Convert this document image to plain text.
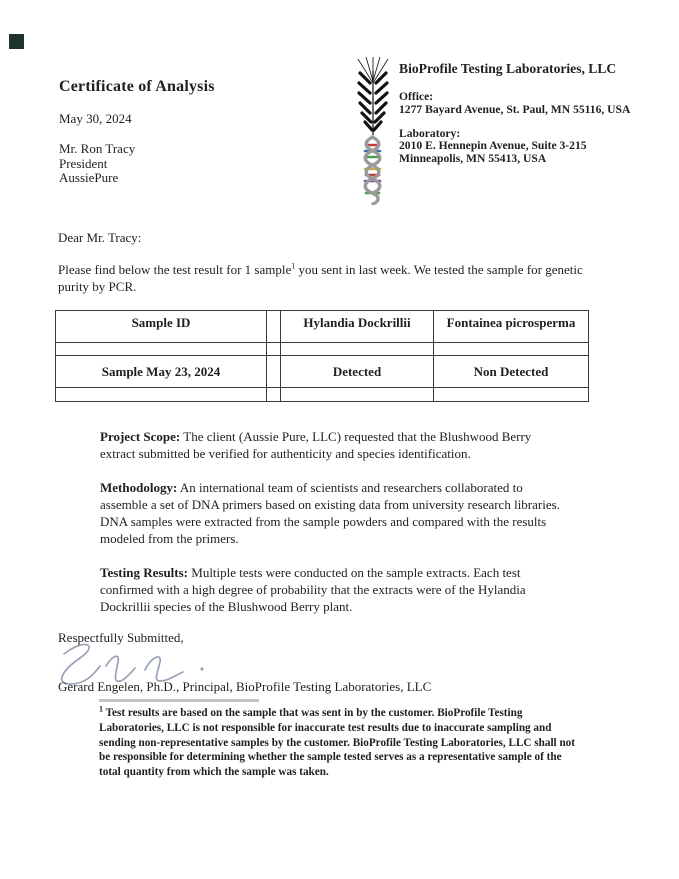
Certificate of Analysis
May 30, 2024
Mr. Ron Tracy
President
AussiePure

BioProfile Testing Laboratories, LLC

Office:

1277 Bayard Avenue, St. Paul, MN 55116, USA

Laboratory:

2010 E. Hennepin Avenue, Suite 3-215

Minneapolis, MN 55413, USA

Dear Mr. Tracy:
Please find below the test result for 1 sample$^1$ you sent in last week. We tested the sample for genetic purity by PCR.
Sample ID		Hylandia Dockrillii	Fontainea picrosperma

Sample May 23, 2024		Detected	Non Detected

Project Scope: The client (Aussie Pure, LLC) requested that the Blushwood Berry extract submitted be verified for authenticity and species identification.

Methodology: An international team of scientists and researchers collaborated to assemble a set of DNA primers based on existing data from university research libraries. DNA samples were extracted from the sample powders and compared with the results modeled from the primers.

Testing Results: Multiple tests were conducted on the sample extracts. Each test confirmed with a high degree of probability that the extracts were of the Hylandia Dockrillii species of the Blushwood Berry plant.

Respectfully Submitted,
Gerard Engelen, Ph.D., Principal, BioProfile Testing Laboratories, LLC
$^1$ Test results are based on the sample that was sent in by the customer. BioProfile Testing Laboratories, LLC is not responsible for inaccurate test results due to inaccurate sampling and sending non-representative samples by the customer. BioProfile Testing Laboratories, LLC shall not be responsible for determining whether the sample tested serves as a representative sample of the total quantity from which the sample was taken.
